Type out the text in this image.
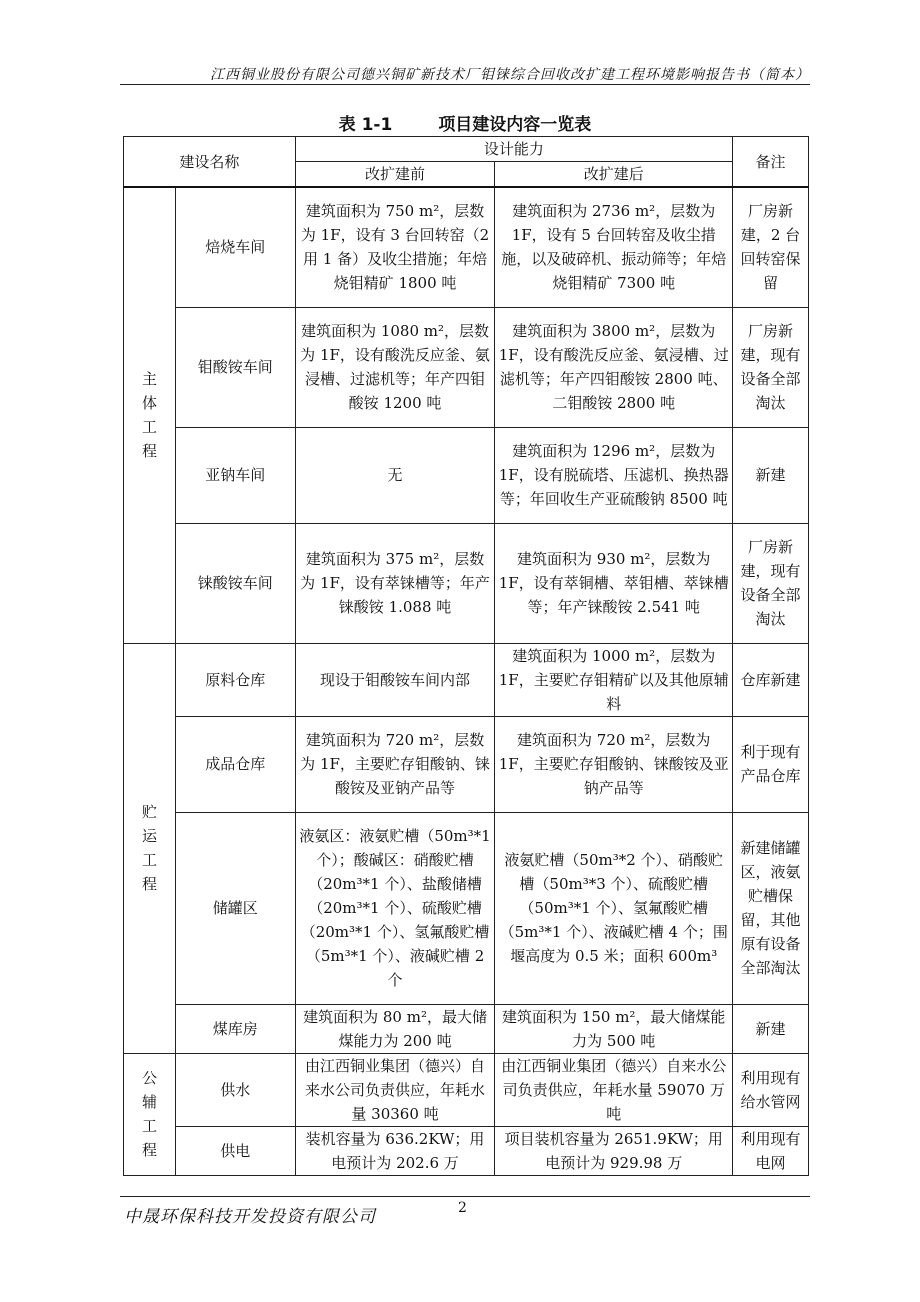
江西铜业股份有限公司德兴铜矿新技术厂钼铼综合回收改扩建工程环境影响报告书（简本）
表 1-1	项目建设内容一览表
建设名称		设计能力		备注
		改扩建前	改扩建后	
主体工程	焙烧车间	建筑面积为 750 m²，层数为 1F，设有 3 台回转窑（2 用 1 备）及收尘措施；年焙烧钼精矿 1800 吨	建筑面积为 2736 m²，层数为 1F，设有 5 台回转窑及收尘措施，以及破碎机、振动筛等；年焙烧钼精矿 7300 吨	厂房新建，2 台回转窑保留
	钼酸铵车间	建筑面积为 1080 m²，层数为 1F，设有酸洗反应釜、氨浸槽、过滤机等；年产四钼酸铵 1200 吨	建筑面积为 3800 m²，层数为 1F，设有酸洗反应釜、氨浸槽、过滤机等；年产四钼酸铵 2800 吨、二钼酸铵 2800 吨	厂房新建，现有设备全部淘汰
	亚钠车间	无	建筑面积为 1296 m²，层数为 1F，设有脱硫塔、压滤机、换热器等；年回收生产亚硫酸钠 8500 吨	新建
	铼酸铵车间	建筑面积为 375 m²，层数为 1F，设有萃铼槽等；年产铼酸铵 1.088 吨	建筑面积为 930 m²，层数为 1F，设有萃铜槽、萃钼槽、萃铼槽等；年产铼酸铵 2.541 吨	厂房新建，现有设备全部淘汰
贮运工程	原料仓库	现设于钼酸铵车间内部	建筑面积为 1000 m²，层数为 1F，主要贮存钼精矿以及其他原辅料	仓库新建
	成品仓库	建筑面积为 720 m²，层数为 1F，主要贮存钼酸钠、铼酸铵及亚钠产品等	建筑面积为 720 m²，层数为 1F，主要贮存钼酸钠、铼酸铵及亚钠产品等	利于现有产品仓库
	储罐区	液氨区：液氨贮槽（50m³*1 个）；酸碱区：硝酸贮槽（20m³*1 个）、盐酸储槽（20m³*1 个）、硫酸贮槽（20m³*1 个）、氢氟酸贮槽（5m³*1 个）、液碱贮槽 2 个	液氨贮槽（50m³*2 个）、硝酸贮槽（50m³*3 个）、硫酸贮槽（50m³*1 个）、氢氟酸贮槽（5m³*1 个）、液碱贮槽 4 个；围堰高度为 0.5 米；面积 600m³	新建储罐区，液氨贮槽保留，其他原有设备全部淘汰
	煤库房	建筑面积为 80 m²，最大储煤能力为 200 吨	建筑面积为 150 m²，最大储煤能力为 500 吨	新建
公辅工程	供水	由江西铜业集团（德兴）自来水公司负责供应，年耗水量 30360 吨	由江西铜业集团（德兴）自来水公司负责供应，年耗水量 59070 万吨	利用现有给水管网
	供电	装机容量为 636.2KW；用电预计为 202.6 万	项目装机容量为 2651.9KW；用电预计为 929.98 万	利用现有电网
中晟环保科技开发投资有限公司	2
